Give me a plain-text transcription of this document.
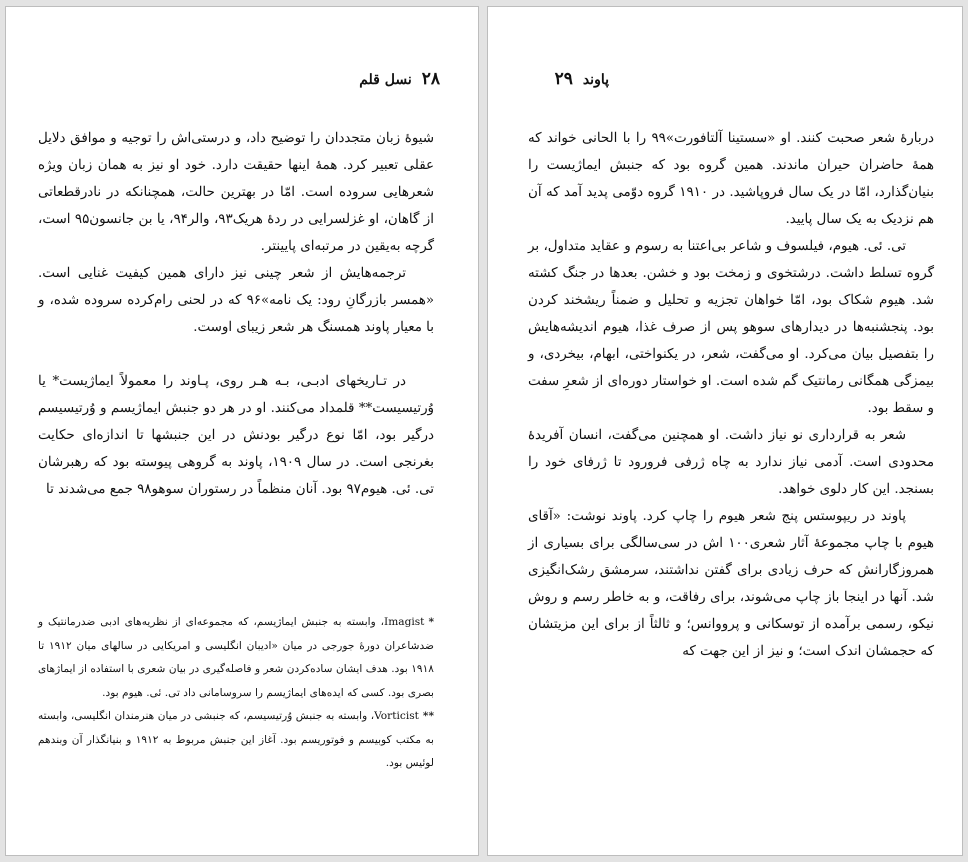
۲۸
نسل قلم

شیوهٔ زبان متجددان را توضیح داد، و درستی‌اش را توجیه و موافق دلایل عقلی تعبیر کرد. همهٔ اینها حقیقت دارد. خود او نیز به همان زبان ویژه شعرهایی سروده است. امّا در بهترین حالت، همچنانکه در نادرقطعاتی از گاهان، او غزلسرایی در ردهٔ هریک۹۳، والر۹۴، یا بن جانسون۹۵ است، گرچه به‌یقین در مرتبه‌ای پایینتر.

ترجمه‌هایش از شعر چینی نیز دارای همین کیفیت غنایی است. «همسر بازرگانِ رود: یک نامه»۹۶ که در لحنی رام‌کرده سروده شده، و با معیار پاوند همسنگ هر شعر زیبای اوست.

در تـاریخهای ادبـی، بـه هـر روی، پـاوند را معمولاً ایماژیست* یا وُرتیسیست** قلمداد می‌کنند. او در هر دو جنبش ایماژیسم و وُرتیسیسم درگیر بود، امّا نوع درگیر بودنش در این جنبشها تا اندازه‌ای حکایت بغرنجی است. در سال ۱۹۰۹، پاوند به گروهی پیوسته بود که رهبرشان تی. ئی. هیوم۹۷ بود. آنان منظماً در رستوران سوهو۹۸ جمع می‌شدند تا

*Imagist، وابسته به جنبش ایماژیسم، که مجموعه‌ای از نظریه‌های ادبی ضدرمانتیک و ضدشاعران دورهٔ جورجی در میان «ادیبان انگلیسی و امریکایی در سالهای میان ۱۹۱۲ تا ۱۹۱۸ بود. هدف ایشان ساده‌کردن شعر و فاصله‌گیری در بیان شعری با استفاده از ایماژهای بصری بود. کسی که ایده‌های ایماژیسم را سروسامانی داد تی. ئی. هیوم بود.

**Vorticist، وابسته به جنبش وُرتیسیسم، که جنبشی در میان هنرمندان انگلیسی، وابسته به مکتب کوبیسم و فوتوریسم بود. آغاز این جنبش مربوط به ۱۹۱۲ و بنیانگذار آن وبندهم لوئیس بود.

پاوند
۲۹

دربارهٔ شعر صحبت کنند. او «سستینا آلتافورت»۹۹ را با الحانی خواند که همهٔ حاضران حیران ماندند. همین گروه بود که جنبش ایماژیست را بنیان‌گذارد، امّا در یک سال فروپاشید. در ۱۹۱۰ گروه دوّمی پدید آمد که آن هم نزدیک به یک سال پایید.

تی. ئی. هیوم، فیلسوف و شاعر بی‌اعتنا به رسوم و عقاید متداول، بر گروه تسلط داشت. درشتخوی و زمخت بود و خشن. بعدها در جنگ کشته شد. هیوم شکاک بود، امّا خواهان تجزیه و تحلیل و ضمناً ریشخند کردن بود. پنجشنبه‌ها در دیدارهای سوهو پس از صرف غذا، هیوم اندیشه‌هایش را بتفصیل بیان می‌کرد. او می‌گفت، شعر، در یکنواختی، ابهام، بیخردی، و بیمزگی همگانی رمانتیک گم شده است. او خواستار دوره‌ای از شعرِ سفت و سقط بود.

شعر به قرارداری نو نیاز داشت. او همچنین می‌گفت، انسان آفریدهٔ محدودی است. آدمی نیاز ندارد به چاه ژرفی فرورود تا ژرفای خود را بسنجد. این کار دلوی خواهد.

پاوند در ریپوستس پنج شعر هیوم را چاپ کرد. پاوند نوشت: «آقای هیوم با چاپ مجموعهٔ آثار شعری۱۰۰ اش در سی‌سالگی برای بسیاری از همروزگارانش که حرف زیادی برای گفتن نداشتند، سرمشق رشک‌انگیزی شد. آنها در اینجا باز چاپ می‌شوند، برای رفاقت، و به خاطر رسم و روش نیکو، رسمی برآمده از توسکانی و پرووانس؛ و ثالثاً از برای این مزیتشان که حجمشان اندک است؛ و نیز از این جهت که
